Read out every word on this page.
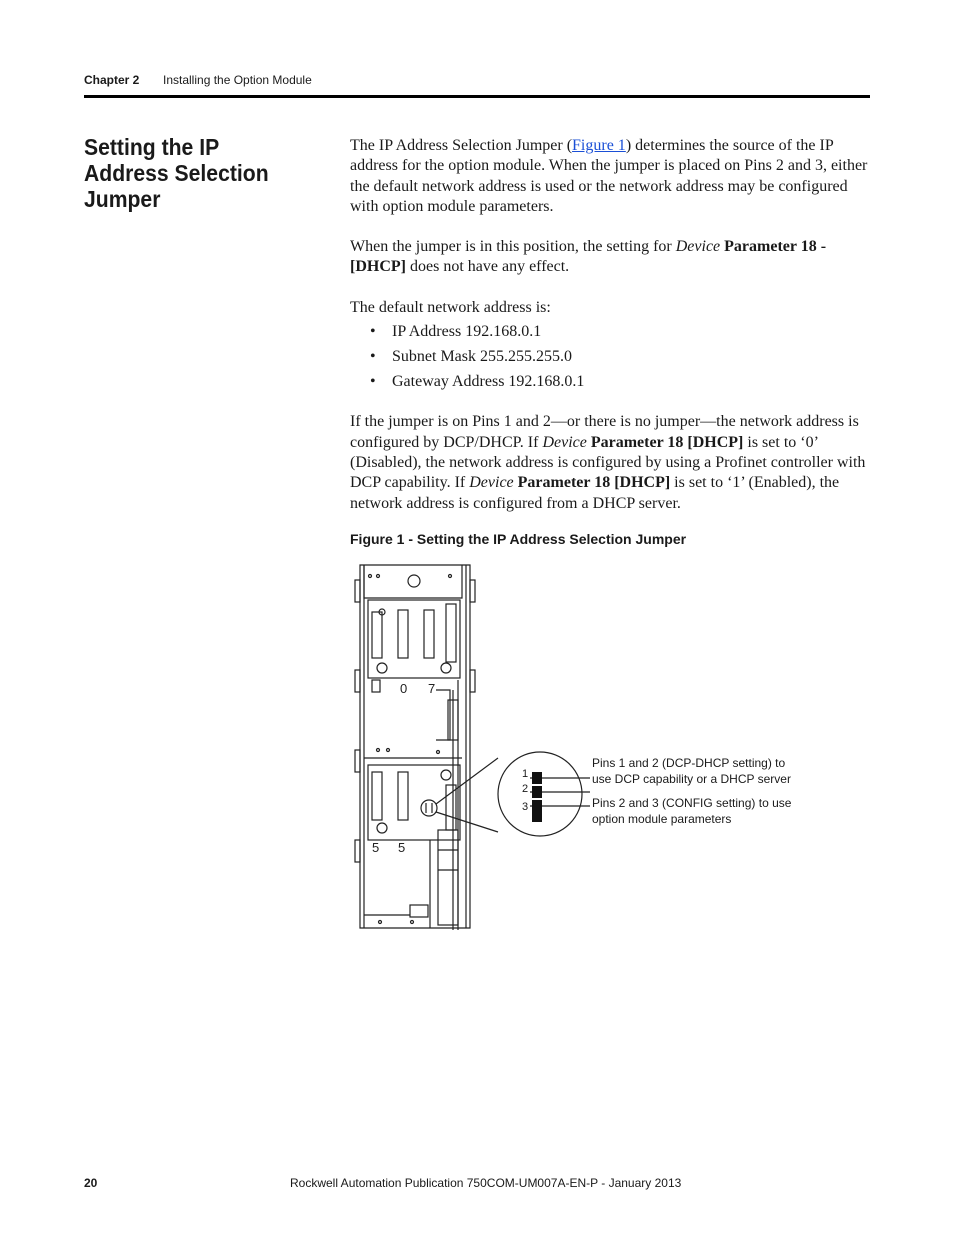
Chapter 2 Installing the Option Module
Setting the IP Address Selection Jumper

The IP Address Selection Jumper (Figure 1) determines the source of the IP address for the option module. When the jumper is placed on Pins 2 and 3, either the default network address is used or the network address may be configured with option module parameters.

When the jumper is in this position, the setting for Device Parameter 18 - [DHCP] does not have any effect.

The default network address is:

• IP Address 192.168.0.1
• Subnet Mask 255.255.255.0
• Gateway Address 192.168.0.1

If the jumper is on Pins 1 and 2—or there is no jumper—the network address is configured by DCP/DHCP. If Device Parameter 18 [DHCP] is set to ‘0’ (Disabled), the network address is configured by using a Profinet controller with DCP capability. If Device Parameter 18 [DHCP] is set to ‘1’ (Enabled), the network address is configured from a DHCP server.

Figure 1 - Setting the IP Address Selection Jumper
0 7
5 5
1
2
3
Pins 1 and 2 (DCP-DHCP setting) to use DCP capability or a DHCP server
Pins 2 and 3 (CONFIG setting) to use option module parameters
20	Rockwell Automation Publication 750COM-UM007A-EN-P - January 2013
